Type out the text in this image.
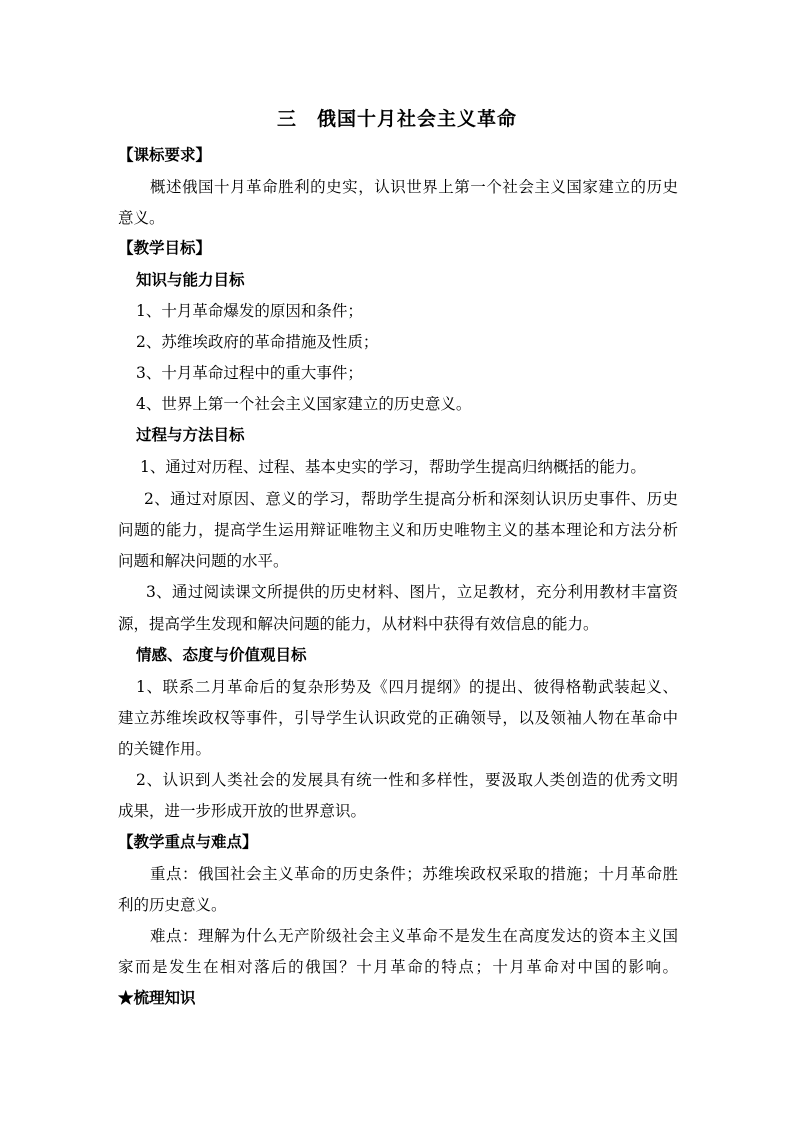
三　俄国十月社会主义革命
【课标要求】
概述俄国十月革命胜利的史实，认识世界上第一个社会主义国家建立的历史
意义。
【教学目标】
知识与能力目标
1、十月革命爆发的原因和条件；
2、苏维埃政府的革命措施及性质；
3、十月革命过程中的重大事件；
4、世界上第一个社会主义国家建立的历史意义。
过程与方法目标
1、通过对历程、过程、基本史实的学习，帮助学生提高归纳概括的能力。
2、通过对原因、意义的学习，帮助学生提高分析和深刻认识历史事件、历史
问题的能力，提高学生运用辩证唯物主义和历史唯物主义的基本理论和方法分析
问题和解决问题的水平。
3、通过阅读课文所提供的历史材料、图片，立足教材，充分利用教材丰富资
源，提高学生发现和解决问题的能力，从材料中获得有效信息的能力。
情感、态度与价值观目标
1、联系二月革命后的复杂形势及《四月提纲》的提出、彼得格勒武装起义、
建立苏维埃政权等事件，引导学生认识政党的正确领导，以及领袖人物在革命中
的关键作用。
2、认识到人类社会的发展具有统一性和多样性，要汲取人类创造的优秀文明
成果，进一步形成开放的世界意识。
【教学重点与难点】
重点：俄国社会主义革命的历史条件；苏维埃政权采取的措施；十月革命胜
利的历史意义。
难点：理解为什么无产阶级社会主义革命不是发生在高度发达的资本主义国
家而是发生在相对落后的俄国？十月革命的特点；十月革命对中国的影响。
★梳理知识
